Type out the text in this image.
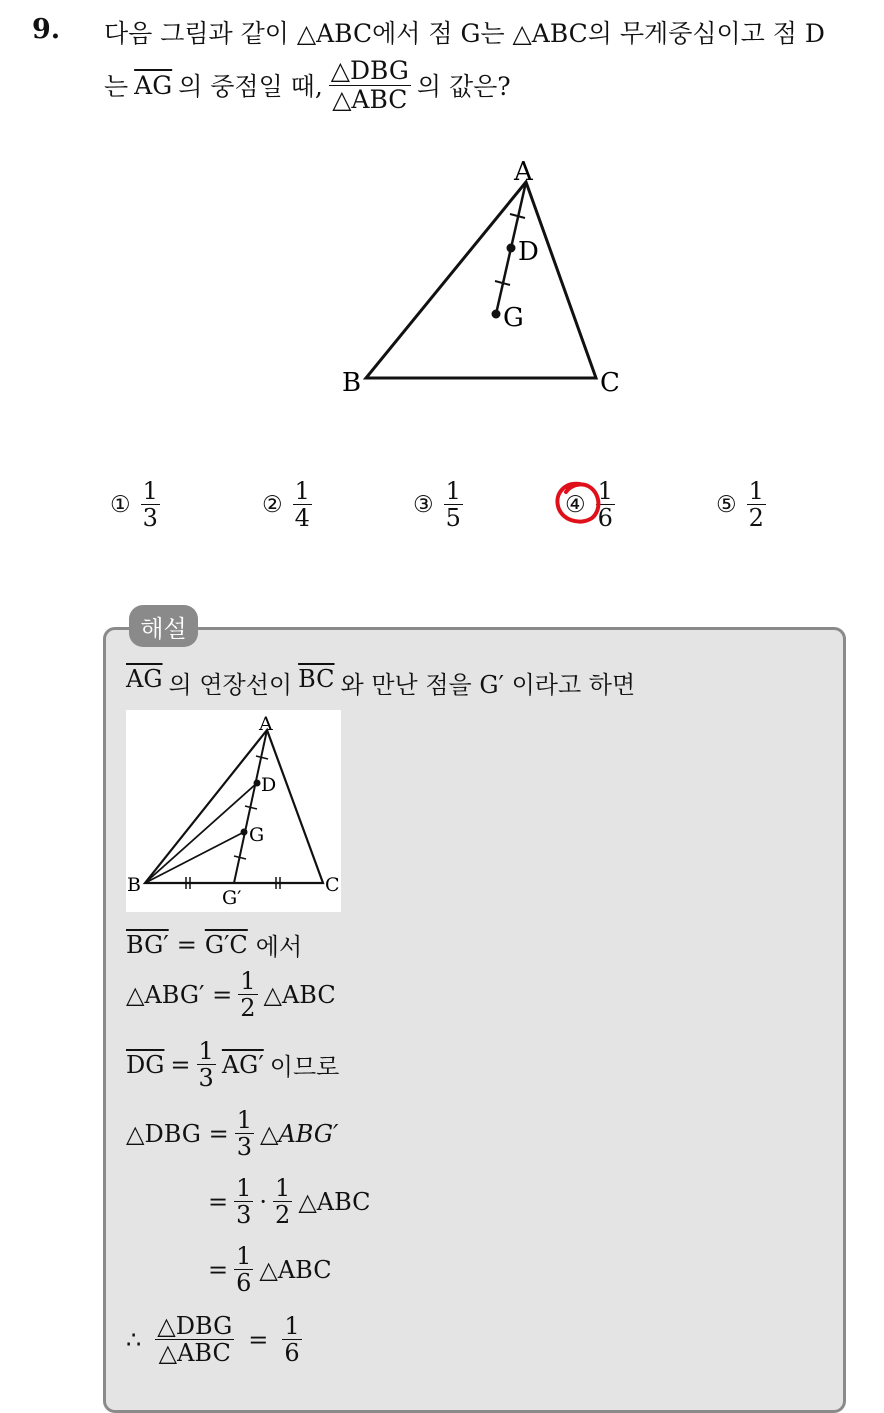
9. 다음 그림과 같이 △ABC에서 점 G는 △ABC의 무게중심이고 점 D
는 $\overline{AG}$ 의 중점일 때, $\frac{\text{△DBG}}{\text{△ABC}}$ 의 값은?
A
D
G
B	C
① $\frac{1}{3}$	② $\frac{1}{4}$	③ $\frac{1}{5}$	④ $\frac{1}{6}$	⑤ $\frac{1}{2}$
해설
$\overline{AG}$ 의 연장선이 $\overline{BC}$ 와 만난 점을 G′ 이라고 하면
A
D
G
B	C
G′
BG′ = G′C 에서
△ABG′ = $\frac{1}{2}$ △ABC
$\overline{DG} = \frac{1}{3} AG'$ 이므로
△DBG = $\frac{1}{3}$ △ABG′
= $\frac{1}{3} \cdot \frac{1}{2}$ △ABC
= $\frac{1}{6}$ △ABC
∴ $\frac{\text{△DBG}}{\text{△ABC}} = \frac{1}{6}$
